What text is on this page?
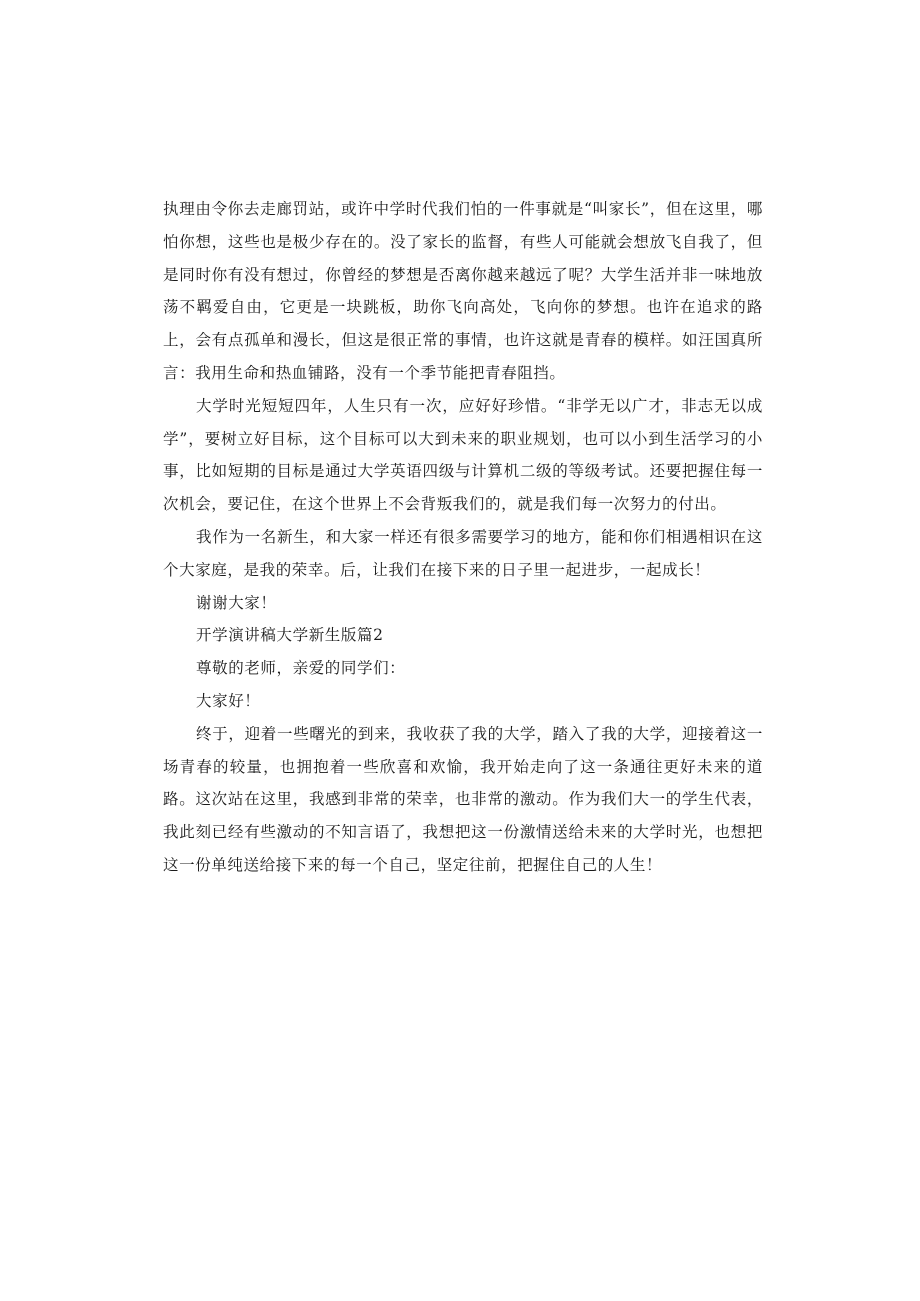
执理由令你去走廊罚站，或许中学时代我们怕的一件事就是“叫家长”，但在这里，哪怕你想，这些也是极少存在的。没了家长的监督，有些人可能就会想放飞自我了，但是同时你有没有想过，你曾经的梦想是否离你越来越远了呢？大学生活并非一味地放荡不羁爱自由，它更是一块跳板，助你飞向高处，飞向你的梦想。也许在追求的路上，会有点孤单和漫长，但这是很正常的事情，也许这就是青春的模样。如汪国真所言：我用生命和热血铺路，没有一个季节能把青春阻挡。

大学时光短短四年，人生只有一次，应好好珍惜。“非学无以广才，非志无以成学”，要树立好目标，这个目标可以大到未来的职业规划，也可以小到生活学习的小事，比如短期的目标是通过大学英语四级与计算机二级的等级考试。还要把握住每一次机会，要记住，在这个世界上不会背叛我们的，就是我们每一次努力的付出。

我作为一名新生，和大家一样还有很多需要学习的地方，能和你们相遇相识在这个大家庭，是我的荣幸。后，让我们在接下来的日子里一起进步，一起成长！

谢谢大家！

开学演讲稿大学新生版篇2

尊敬的老师，亲爱的同学们：

大家好！

终于，迎着一些曙光的到来，我收获了我的大学，踏入了我的大学，迎接着这一场青春的较量，也拥抱着一些欣喜和欢愉，我开始走向了这一条通往更好未来的道路。这次站在这里，我感到非常的荣幸，也非常的激动。作为我们大一的学生代表，我此刻已经有些激动的不知言语了，我想把这一份激情送给未来的大学时光，也想把这一份单纯送给接下来的每一个自己，坚定往前，把握住自己的人生！
